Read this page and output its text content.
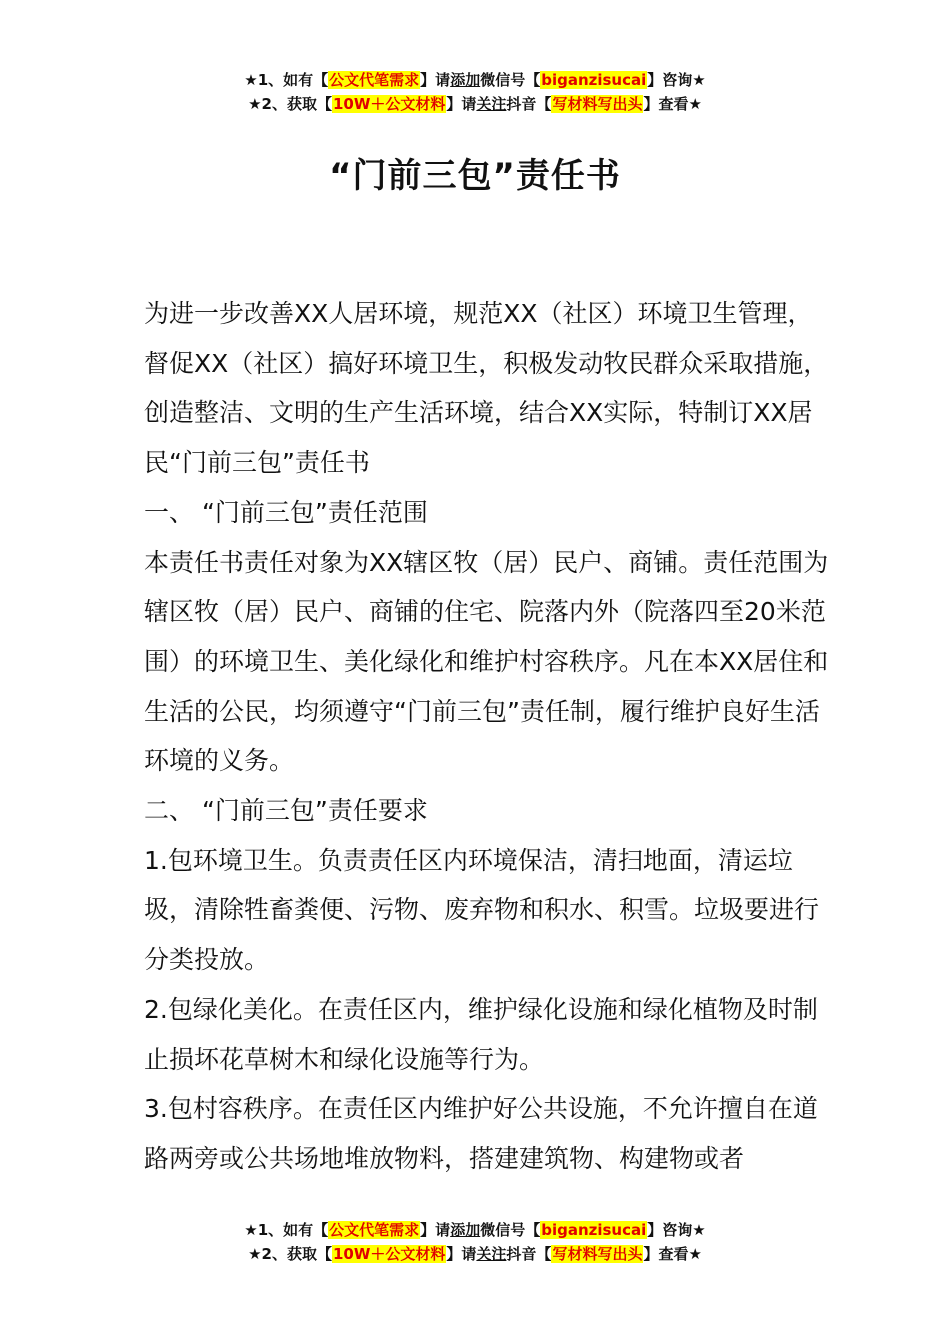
★1、如有【公文代笔需求】请添加微信号【biganzisucai】咨询★
★2、获取【10W＋公文材料】请关注抖音【写材料写出头】查看★
“门前三包”责任书

为进一步改善XX人居环境，规范XX（社区）环境卫生管理，督促XX（社区）搞好环境卫生，积极发动牧民群众采取措施，创造整洁、文明的生产生活环境，结合XX实际，特制订XX居民“门前三包”责任书

一、 “门前三包”责任范围

本责任书责任对象为XX辖区牧（居）民户、商铺。责任范围为辖区牧（居）民户、商铺的住宅、院落内外（院落四至20米范围）的环境卫生、美化绿化和维护村容秩序。凡在本XX居住和生活的公民，均须遵守“门前三包”责任制，履行维护良好生活环境的义务。

二、 “门前三包”责任要求

1.包环境卫生。负责责任区内环境保洁，清扫地面，清运垃圾，清除牲畜粪便、污物、废弃物和积水、积雪。垃圾要进行分类投放。

2.包绿化美化。在责任区内，维护绿化设施和绿化植物及时制止损坏花草树木和绿化设施等行为。

3.包村容秩序。在责任区内维护好公共设施，不允许擅自在道路两旁或公共场地堆放物料，搭建建筑物、构建物或者

★1、如有【公文代笔需求】请添加微信号【biganzisucai】咨询★
★2、获取【10W＋公文材料】请关注抖音【写材料写出头】查看★
